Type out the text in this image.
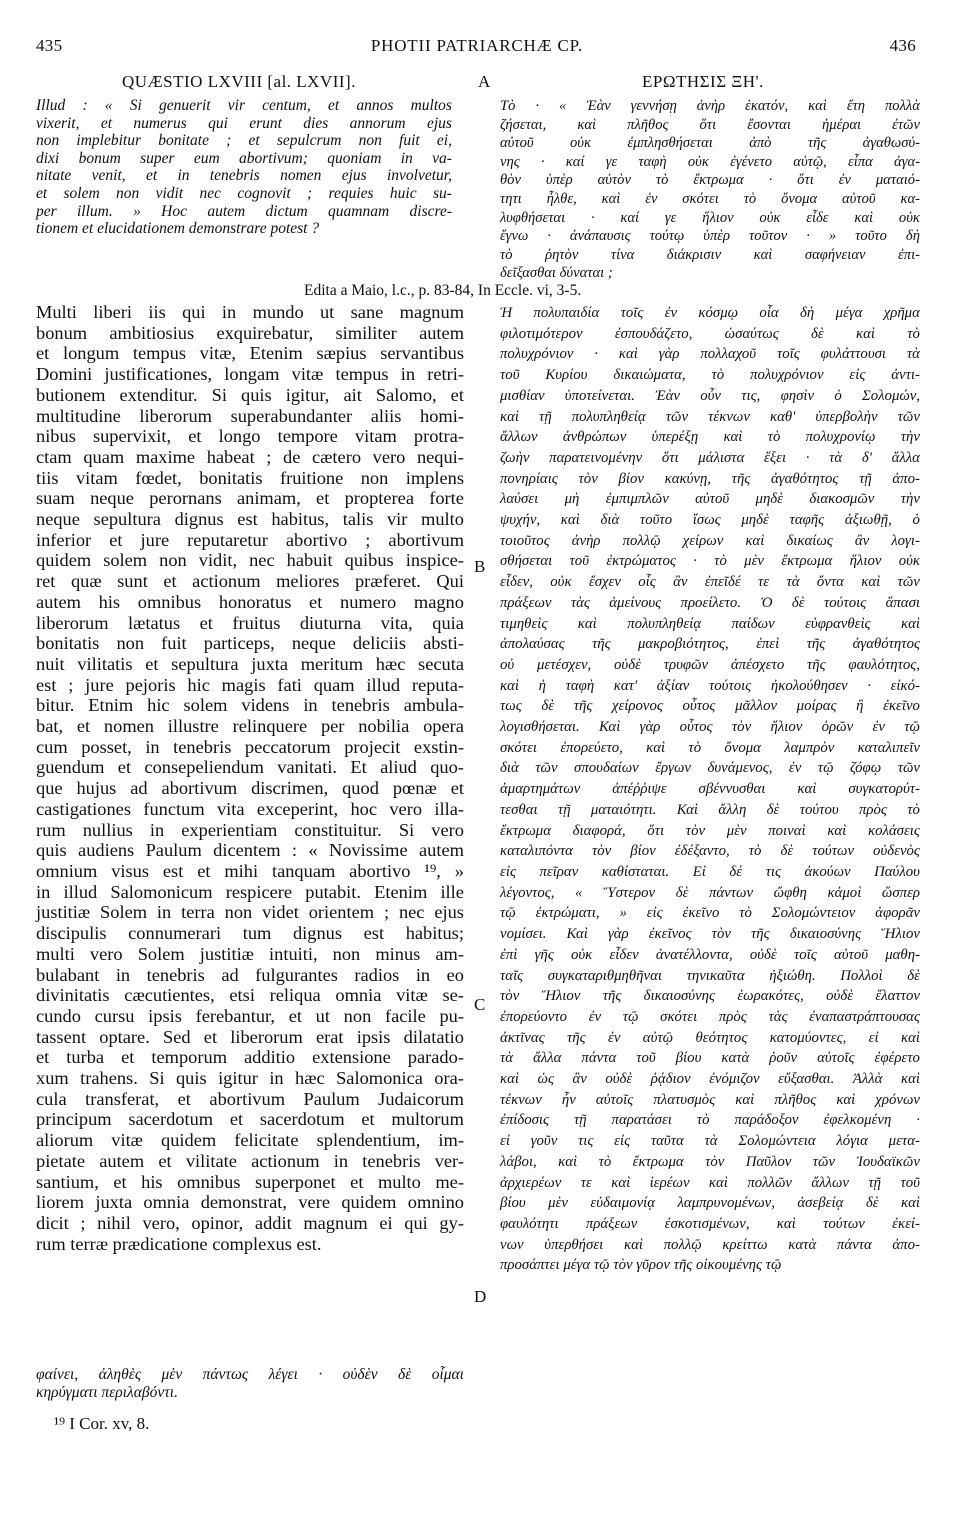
435	PHOTII PATRIARCHÆ CP.	436
QUÆSTIO LXVIII [al. LXVII].	ΕΡΩΤΗΣΙΣ ΞΗ'.
A
B
C
D
Illud : « Si genuerit vir centum, et annos multos
vixerit, et numerus qui erunt dies annorum ejus
non implebitur bonitate ; et sepulcrum non fuit ei,
dixi bonum super eum abortivum; quoniam in va-
nitate venit, et in tenebris nomen ejus involvetur,
et solem non vidit nec cognovit ; requies huic su-
per illum. » Hoc autem dictum quamnam discre-
tionem et elucidationem demonstrare potest ?
Τὸ · « Ἐὰν γεννήσῃ ἀνὴρ ἑκατόν, καὶ ἔτη πολλὰ
ζήσεται, καὶ πλῆθος ὅτι ἔσονται ἡμέραι ἐτῶν
αὐτοῦ οὐκ ἐμπλησθήσεται ἀπὸ τῆς ἀγαθωσύ-
νης · καί γε ταφὴ οὐκ ἐγένετο αὐτῷ, εἶπα ἀγα-
θὸν ὑπὲρ αὐτὸν τὸ ἔκτρωμα · ὅτι ἐν ματαιό-
τητι ἦλθε, καὶ ἐν σκότει τὸ ὄνομα αὐτοῦ κα-
λυφθήσεται · καί γε ἥλιον οὐκ εἶδε καὶ οὐκ
ἔγνω · ἀνάπαυσις τούτῳ ὑπὲρ τοῦτον · » τοῦτο δὴ
τὸ ῥητὸν τίνα διάκρισιν καὶ σαφήνειαν ἐπι-
δεῖξασθαι δύναται ;
Edita a Maio, l.c., p. 83-84, In Eccle. vi, 3-5.
Multi liberi iis qui in mundo ut sane magnum
bonum ambitiosius exquirebatur, similiter autem
et longum tempus vitæ, Etenim sæpius servantibus
Domini justificationes, longam vitæ tempus in retri-
butionem extenditur. Si quis igitur, ait Salomo, et
multitudine liberorum superabundanter aliis homi-
nibus supervixit, et longo tempore vitam protra-
ctam quam maxime habeat ; de cætero vero nequi-
tiis vitam fœdet, bonitatis fruitione non implens
suam neque perornans animam, et propterea forte
neque sepultura dignus est habitus, talis vir multo
inferior et jure reputaretur abortivo ; abortivum
quidem solem non vidit, nec habuit quibus inspice-
ret quæ sunt et actionum meliores præferet. Qui
autem his omnibus honoratus et numero magno
liberorum lætatus et fruitus diuturna vita, quia
bonitatis non fuit particeps, neque deliciis absti-
nuit vilitatis et sepultura juxta meritum hæc secuta
est ; jure pejoris hic magis fati quam illud reputa-
bitur. Etnim hic solem videns in tenebris ambula-
bat, et nomen illustre relinquere per nobilia opera
cum posset, in tenebris peccatorum projecit exstin-
guendum et consepeliendum vanitati. Et aliud quo-
que hujus ad abortivum discrimen, quod pœnæ et
castigationes functum vita exceperint, hoc vero illa-
rum nullius in experientiam constituitur. Si vero
quis audiens Paulum dicentem : « Novissime autem
omnium visus est et mihi tanquam abortivo ¹⁹, »
in illud Salomonicum respicere putabit. Etenim ille
justitiæ Solem in terra non videt orientem ; nec ejus
discipulis connumerari tum dignus est habitus;
multi vero Solem justitiæ intuiti, non minus am-
bulabant in tenebris ad fulgurantes radios in eo
divinitatis cæcutientes, etsi reliqua omnia vitæ se-
cundo cursu ipsis ferebantur, et ut non facile pu-
tassent optare. Sed et liberorum erat ipsis dilatatio
et turba et temporum additio extensione parado-
xum trahens. Si quis igitur in hæc Salomonica ora-
cula transferat, et abortivum Paulum Judaicorum
principum sacerdotum et sacerdotum et multorum
aliorum vitæ quidem felicitate splendentium, im-
pietate autem et vilitate actionum in tenebris ver-
santium, et his omnibus superponet et multo me-
liorem juxta omnia demonstrat, vere quidem omnino
dicit ; nihil vero, opinor, addit magnum ei qui gy-
rum terræ prædicatione complexus est.
φαίνει, ἀληθὲς μὲν πάντως λέγει · οὐδὲν δὲ οἶμαι
κηρύγματι περιλαβόντι.
Ἡ πολυπαιδία τοῖς ἐν κόσμῳ οἷα δὴ μέγα χρῆμα
φιλοτιμότερον ἐσπουδάζετο, ὡσαύτως δὲ καὶ τὸ
πολυχρόνιον · καὶ γὰρ πολλαχοῦ τοῖς φυλάττουσι τὰ
τοῦ Κυρίου δικαιώματα, τὸ πολυχρόνιον εἰς ἀντι-
μισθίαν ὑποτείνεται. Ἐὰν οὖν τις, φησὶν ὁ Σολομών,
καὶ τῇ πολυπληθείᾳ τῶν τέκνων καθ' ὑπερβολὴν τῶν
ἄλλων ἀνθρώπων ὑπερέξῃ καὶ τὸ πολυχρονίῳ τὴν
ζωὴν παρατεινομένην ὅτι μάλιστα ἕξει · τὰ δ' ἄλλα
πονηρίαις τὸν βίον κακύνῃ, τῆς ἀγαθότητος τῇ ἀπο-
λαύσει μὴ ἐμπιμπλῶν αὐτοῦ μηδὲ διακοσμῶν τὴν
ψυχήν, καὶ διὰ τοῦτο ἴσως μηδὲ ταφῆς ἀξιωθῇ, ὁ
τοιοῦτος ἀνὴρ πολλῷ χείρων καὶ δικαίως ἂν λογι-
σθήσεται τοῦ ἐκτρώματος · τὸ μὲν ἔκτρωμα ἥλιον οὐκ
εἶδεν, οὐκ ἔσχεν οἷς ἂν ἐπεῖδέ τε τὰ ὄντα καὶ τῶν
πράξεων τὰς ἀμείνους προείλετο. Ὁ δὲ τούτοις ἅπασι
τιμηθεὶς καὶ πολυπληθείᾳ παίδων εὐφρανθεὶς καὶ
ἀπολαύσας τῆς μακροβιότητος, ἐπεὶ τῆς ἀγαθότητος
οὐ μετέσχεν, οὐδὲ τρυφῶν ἀπέσχετο τῆς φαυλότητος,
καὶ ἡ ταφὴ κατ' ἀξίαν τούτοις ἠκολούθησεν · εἰκό-
τως δὲ τῆς χείρονος οὗτος μᾶλλον μοίρας ἢ ἐκεῖνο
λογισθήσεται. Καὶ γὰρ οὗτος τὸν ἥλιον ὁρῶν ἐν τῷ
σκότει ἐπορεύετο, καὶ τὸ ὄνομα λαμπρὸν καταλιπεῖν
διὰ τῶν σπουδαίων ἔργων δυνάμενος, ἐν τῷ ζόφῳ τῶν
ἁμαρτημάτων ἀπέῤῥιψε σβέννυσθαι καὶ συγκατορύτ-
τεσθαι τῇ ματαιότητι. Καὶ ἄλλη δὲ τούτου πρὸς τὸ
ἔκτρωμα διαφορά, ὅτι τὸν μὲν ποιναὶ καὶ κολάσεις
καταλιπόντα τὸν βίον ἐδέξαντο, τὸ δὲ τούτων οὐδενὸς
εἰς πεῖραν καθίσταται. Εἰ δέ τις ἀκούων Παύλου
λέγοντος, « Ὕστερον δὲ πάντων ὤφθη κἀμοὶ ὥσπερ
τῷ ἐκτρώματι, » εἰς ἐκεῖνο τὸ Σολομώντειον ἀφορᾶν
νομίσει. Καὶ γὰρ ἐκεῖνος τὸν τῆς δικαιοσύνης Ἥλιον
ἐπὶ γῆς οὐκ εἶδεν ἀνατέλλοντα, οὐδὲ τοῖς αὐτοῦ μαθη-
ταῖς συγκαταριθμηθῆναι τηνικαῦτα ἠξιώθη. Πολλοὶ δὲ
τὸν Ἥλιον τῆς δικαιοσύνης ἑωρακότες, οὐδὲ ἔλαττον
ἐπορεύοντο ἐν τῷ σκότει πρὸς τὰς ἐναπαστράπτουσας
ἀκτῖνας τῆς ἐν αὐτῷ θεότητος κατομύοντες, εἰ καὶ
τὰ ἄλλα πάντα τοῦ βίου κατὰ ῥοῦν αὐτοῖς ἐφέρετο
καὶ ὡς ἂν οὐδὲ ῥᾴδιον ἐνόμιζον εὔξασθαι. Ἀλλὰ καὶ
τέκνων ἦν αὐτοῖς πλατυσμὸς καὶ πλῆθος καὶ χρόνων
ἐπίδοσις τῇ παρατάσει τὸ παράδοξον ἐφελκομένη ·
εἰ γοῦν τις εἰς ταῦτα τὰ Σολομώντεια λόγια μετα-
λάβοι, καὶ τὸ ἔκτρωμα τὸν Παῦλον τῶν Ἰουδαϊκῶν
ἀρχιερέων τε καὶ ἱερέων καὶ πολλῶν ἄλλων τῇ τοῦ
βίου μὲν εὐδαιμονίᾳ λαμπρυνομένων, ἀσεβείᾳ δὲ καὶ
φαυλότητι πράξεων ἐσκοτισμένων, καὶ τούτων ἐκεί-
νων ὑπερθήσει καὶ πολλῷ κρείττω κατὰ πάντα ἀπο-
προσάπτει μέγα τῷ τὸν γῦρον τῆς οἰκουμένης τῷ
¹⁹ I Cor. xv, 8.
